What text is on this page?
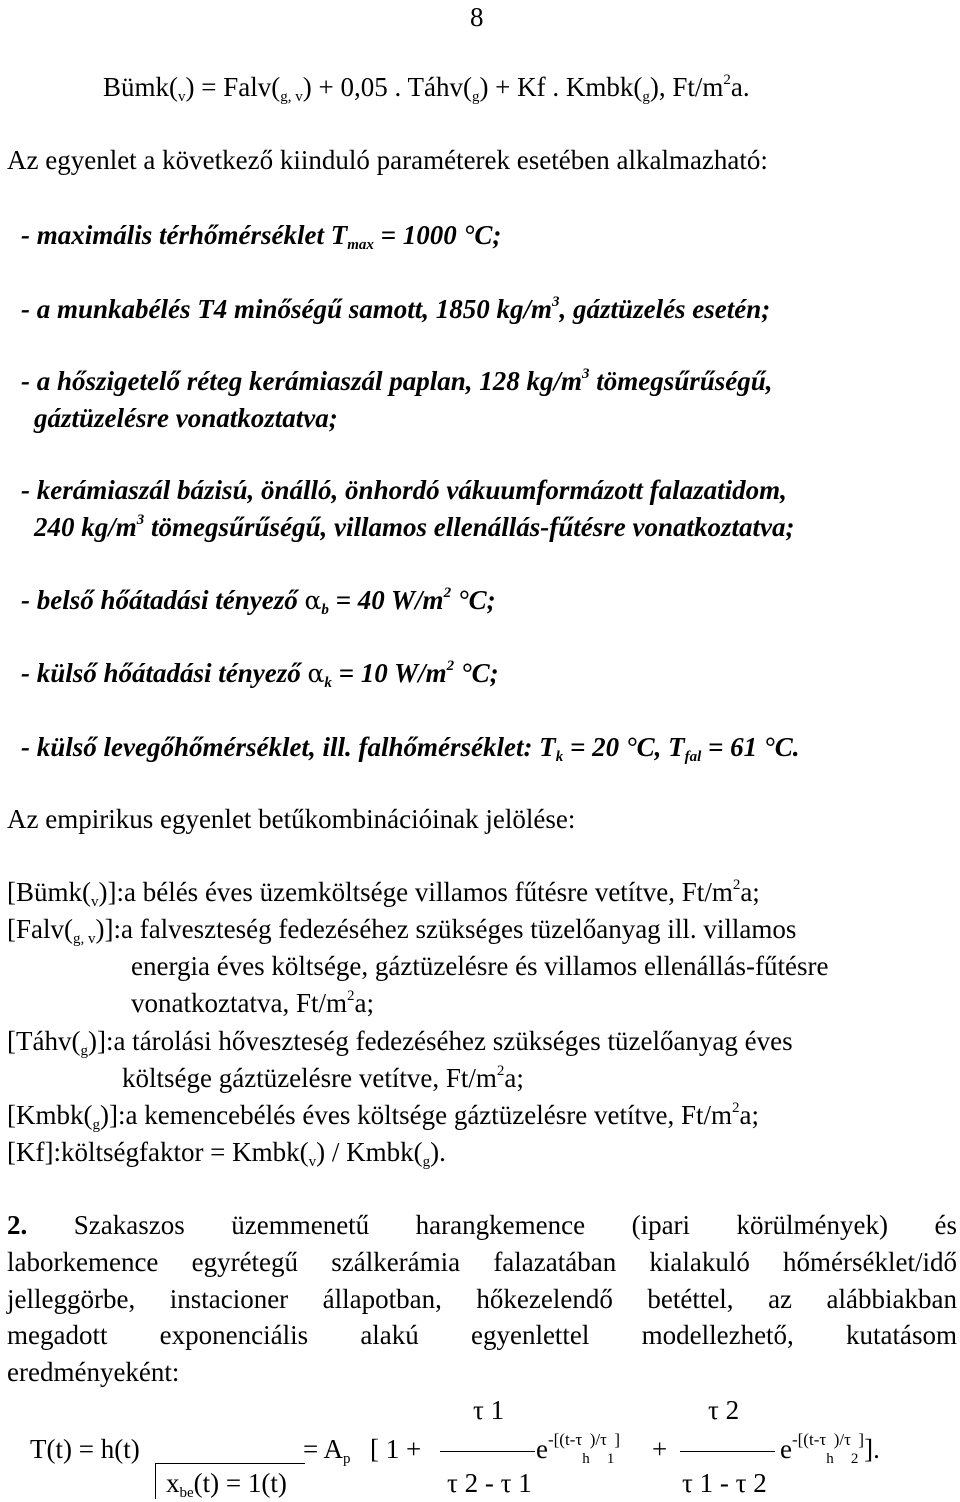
8
$Bümk(_v)$ = $Falv(_{g, v}) + 0,05$ . $Táhv(_g) + Kf$ . $Kmbk(_g)$, $Ft/m^2a$.
Az egyenlet a következő kiinduló paraméterek esetében alkalmazható:
- maximális térhőmérséklet $T_{max} = 1000$ °C;
- a munkabélés T4 minőségű samott, 1850 $kg/m^3$, gáztüzelés esetén;
- a hőszigetelő réteg kerámiaszál paplan, 128 $kg/m^3$ tömegsűrűségű,
gáztüzelésre vonatkoztatva;
- kerámiaszál bázisú, önálló, önhordó vákuumformázott falazatidom,
240 $kg/m^3$ tömegsűrűségű, villamos ellenállás-fűtésre vonatkoztatva;
- belső hőátadási tényező $\alpha_b = 40$ $W/m^2$ °C;
- külső hőátadási tényező $\alpha_k = 10$ $W/m^2$ °C;
- külső levegőhőmérséklet, ill. falhőmérséklet: $T_k = 20$ °C, $T_{fal} = 61$ °C.
Az empirikus egyenlet betűkombinációinak jelölése:
$[Bümk(_v)]:a$ bélés éves üzemköltsége villamos fűtésre vetítve, $Ft/m^2a$;
$[Falv(_{g, v})]:a$ falveszteség fedezéséhez szükséges tüzelőanyag ill. villamos
energia éves költsége, gáztüzelésre és villamos ellenállás-fűtésre
vonatkoztatva, $Ft/m^2a$;
$[Táhv(_g)]:a$ tárolási hőveszteség fedezéséhez szükséges tüzelőanyag éves
költsége gáztüzelésre vetítve, $Ft/m^2a$;
$[Kmbk(_g)]:a$ kemencebélés éves költsége gáztüzelésre vetítve, $Ft/m^2a$;
[Kf]:költségfaktor = $Kmbk(_v)$ / $Kmbk(_g)$.
2. Szakaszos üzemmenetű harangkemence (ipari körülmények) és
laborkemence egyrétegű szálkerámia falazatában kialakuló hőmérséklet/idő
jelleggörbe, instacioner állapotban, hőkezelendő betéttel, az alábbiakban
megadott exponenciális alakú egyenlettel modellezhető, kutatásom
eredményeként:
T(t) = h(t)	= $A_p$ [ 1 +
τ 1
τ 2 - τ 1
$e^{-[(t-\tau h)/\tau 1]}$ +
τ 2
τ 1 - τ 2
$e^{-[(t-\tau h)/\tau 2]}$].
$x_{be}(t) = 1(t)$
